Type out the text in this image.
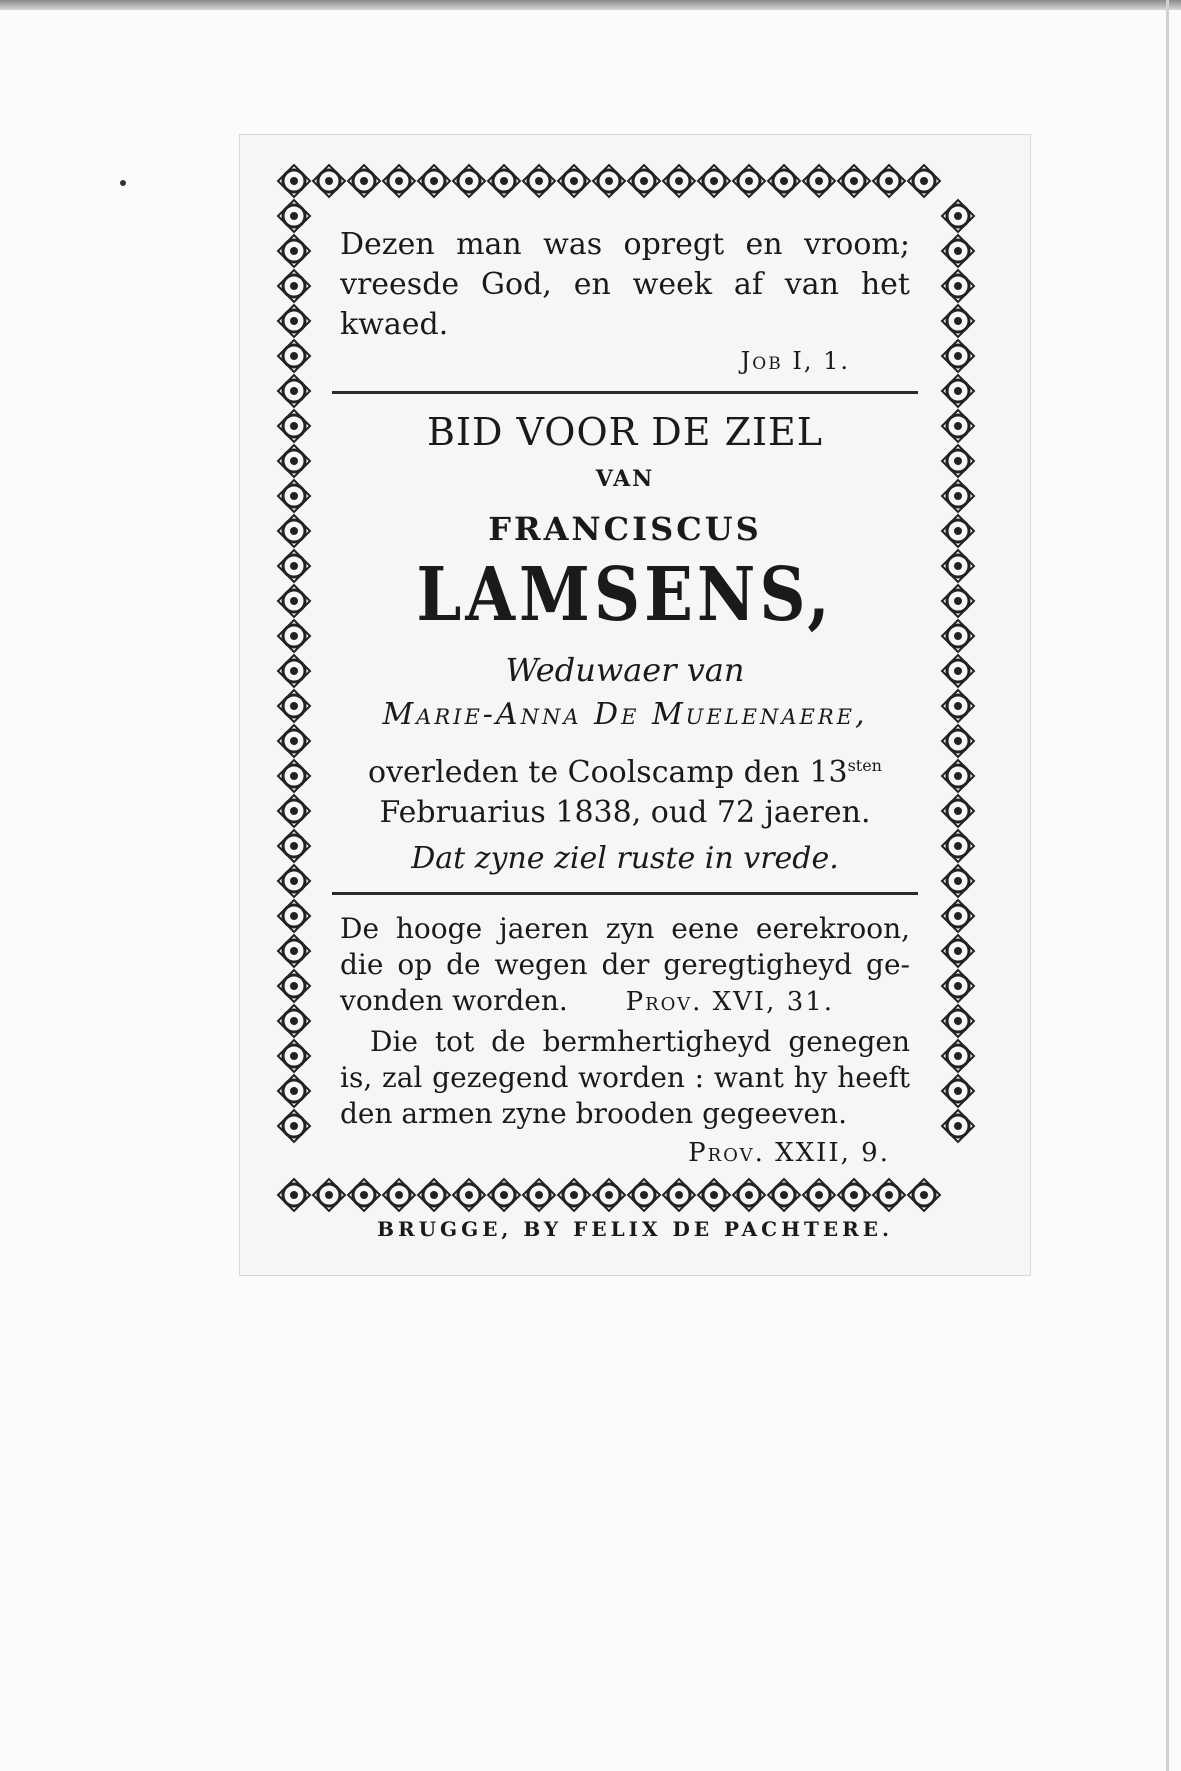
Dezen man was opregt en vroom;

vreesde God, en week af van het kwaed.

Job I, 1.
BID VOOR DE ZIEL
VAN
FRANCISCUS
LAMSENS,
Weduwaer van
Marie-Anna De Muelenaere,
overleden te Coolscamp den $13^{sten}$
Februarius 1838, oud 72 jaeren.
Dat zyne ziel ruste in vrede.

De hooge jaeren zyn eene eerekroon,

die op de wegen der geregtigheyd ge-

vonden worden. Prov. XVI, 31.

Die tot de bermhertigheyd genegen

is, zal gezegend worden : want hy heeft

den armen zyne brooden gegeeven.

Prov. XXII, 9.
BRUGGE, BY FELIX DE PACHTERE.
